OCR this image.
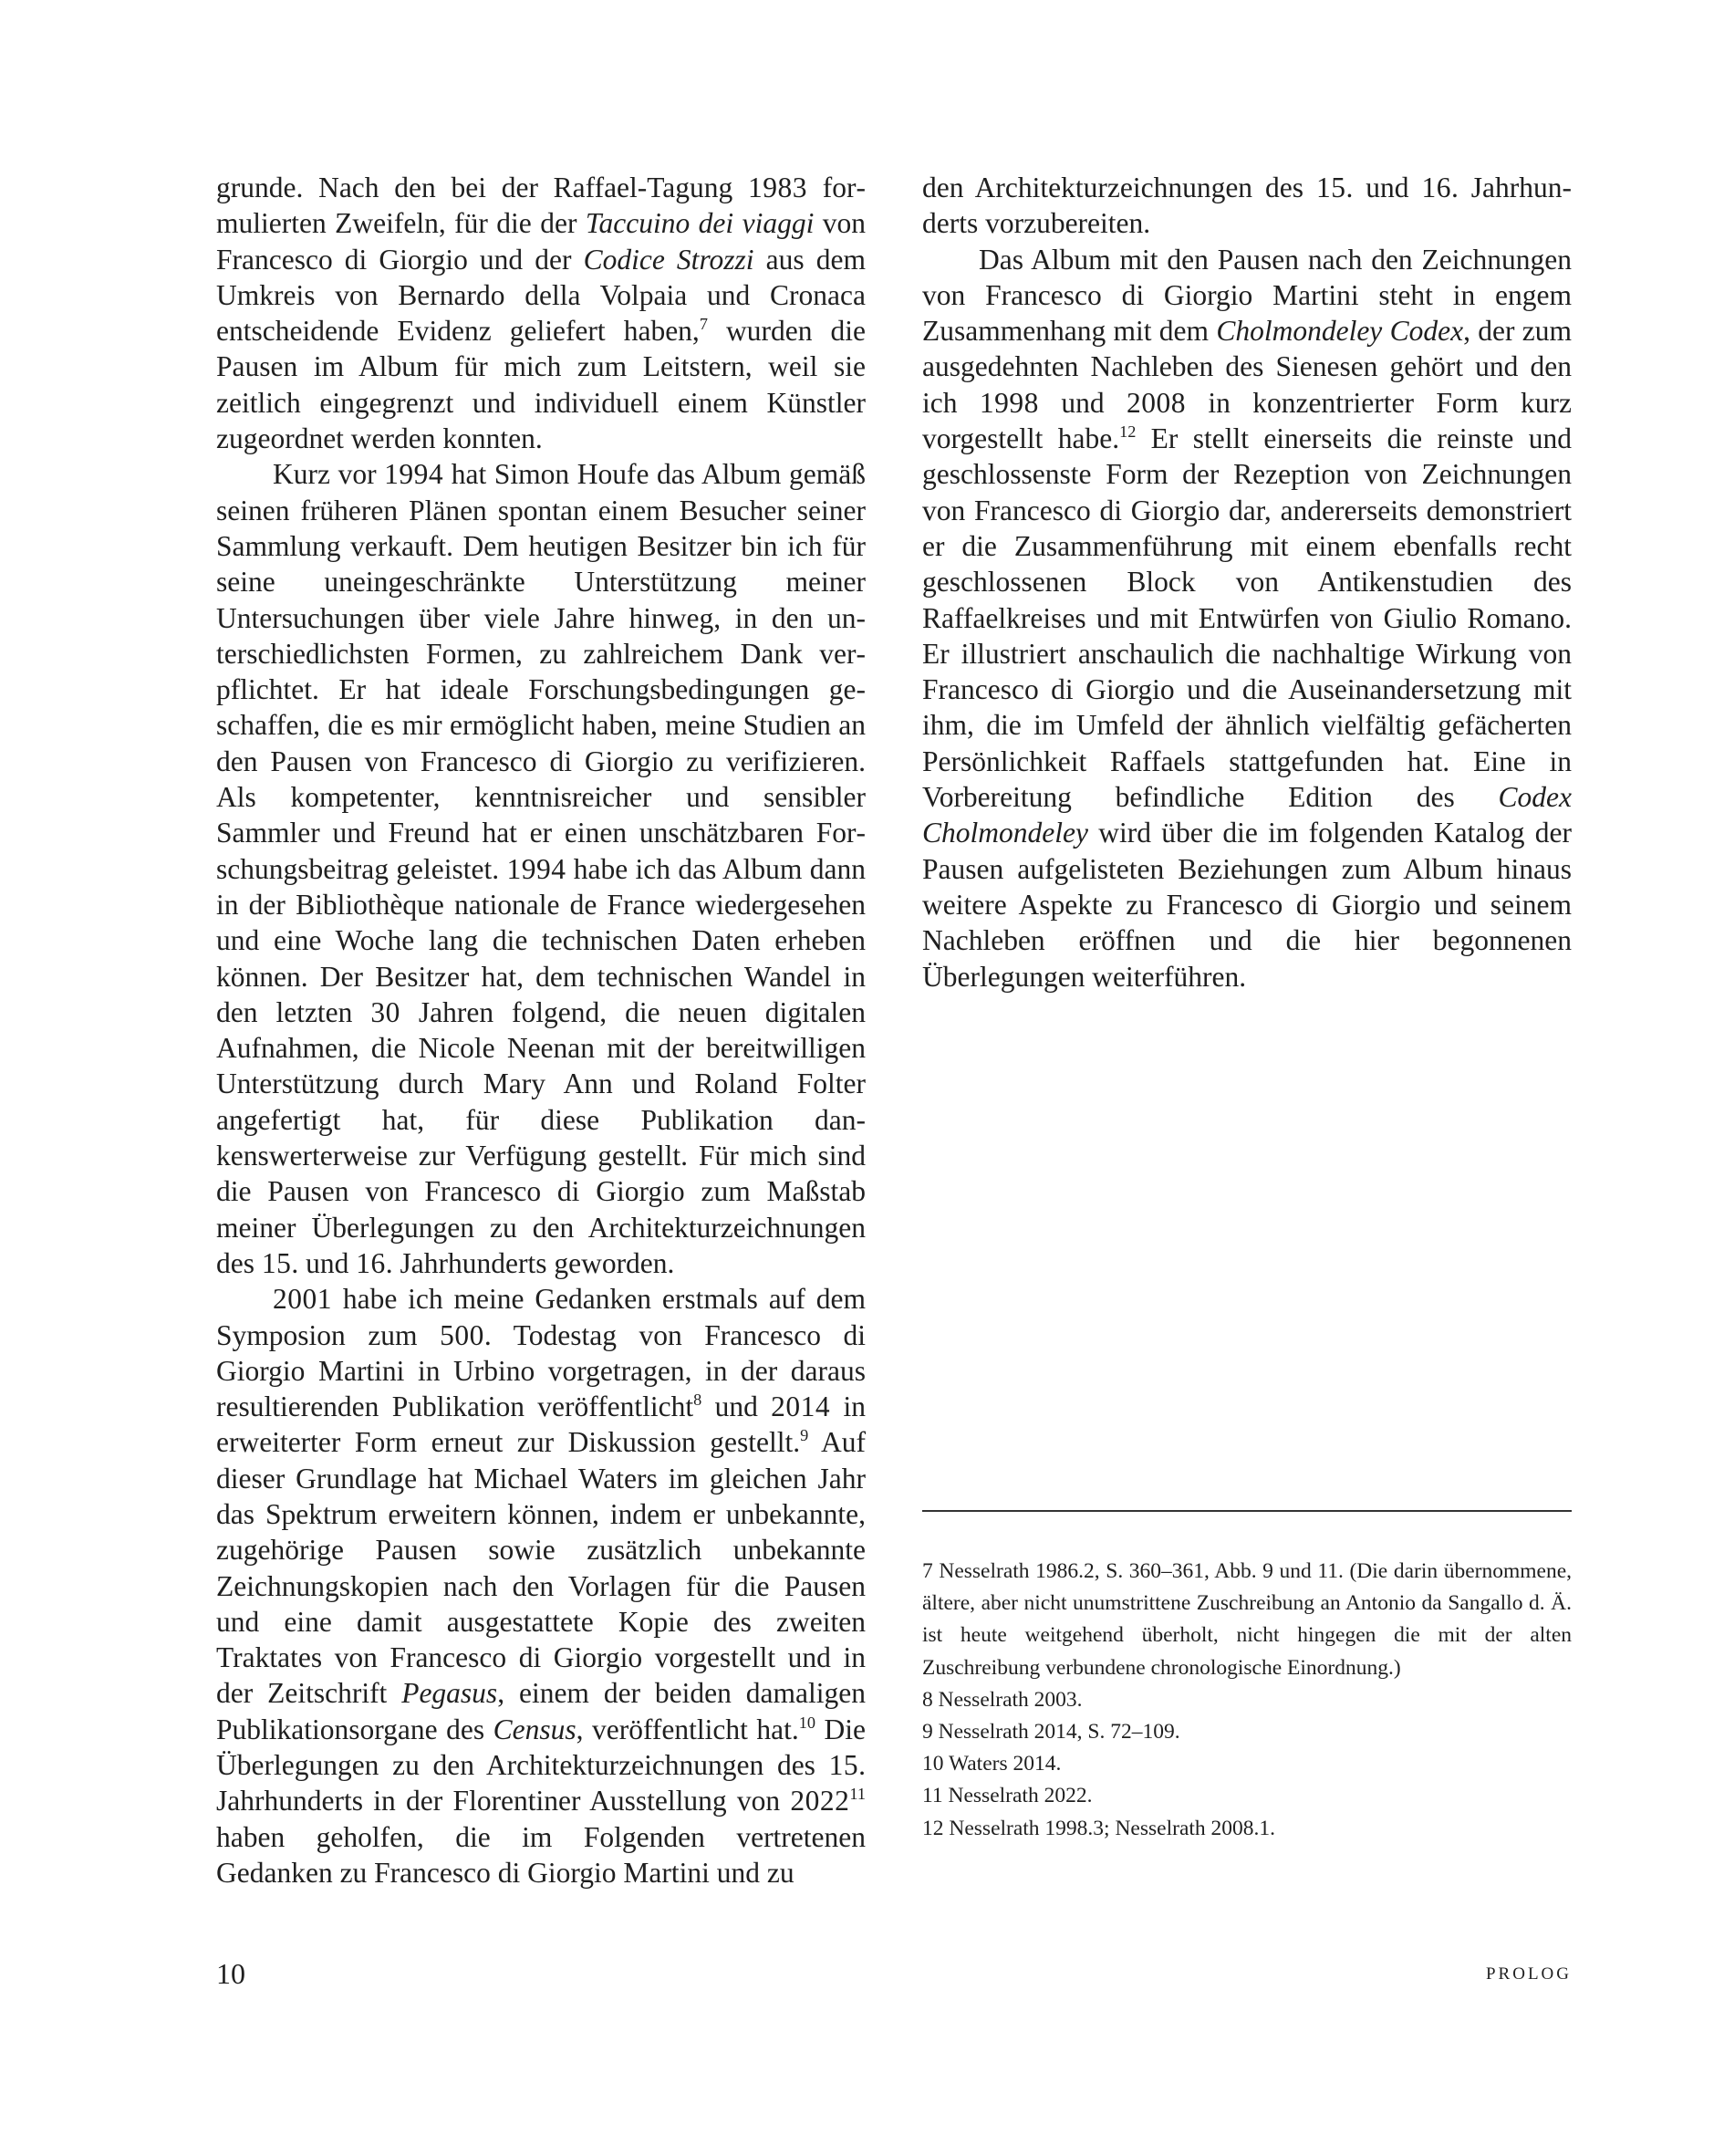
grunde. Nach den bei der Raffael-Tagung 1983 formulierten Zweifeln, für die der Taccuino dei viaggi von Francesco di Giorgio und der Codice Strozzi aus dem Umkreis von Bernardo della Volpaia und Cronaca entscheidende Evidenz geliefert haben,$^7$ wurden die Pausen im Album für mich zum Leitstern, weil sie zeitlich eingegrenzt und individuell einem Künstler zugeordnet werden konnten.

Kurz vor 1994 hat Simon Houfe das Album gemäß seinen früheren Plänen spontan einem Besucher seiner Sammlung verkauft. Dem heutigen Besitzer bin ich für seine uneingeschränkte Unterstützung meiner Untersuchungen über viele Jahre hinweg, in den unterschiedlichsten Formen, zu zahlreichem Dank verpflichtet. Er hat ideale Forschungsbedingungen geschaffen, die es mir ermöglicht haben, meine Studien an den Pausen von Francesco di Giorgio zu verifizieren. Als kompetenter, kenntnisreicher und sensibler Sammler und Freund hat er einen unschätzbaren Forschungsbeitrag geleistet. 1994 habe ich das Album dann in der Bibliothèque nationale de France wiedergesehen und eine Woche lang die technischen Daten erheben können. Der Besitzer hat, dem technischen Wandel in den letzten 30 Jahren folgend, die neuen digitalen Aufnahmen, die Nicole Neenan mit der bereitwilligen Unterstützung durch Mary Ann und Roland Folter angefertigt hat, für diese Publikation dankenswerterweise zur Verfügung gestellt. Für mich sind die Pausen von Francesco di Giorgio zum Maßstab meiner Überlegungen zu den Architekturzeichnungen des 15. und 16. Jahrhunderts geworden.

2001 habe ich meine Gedanken erstmals auf dem Symposion zum 500. Todestag von Francesco di Giorgio Martini in Urbino vorgetragen, in der daraus resultierenden Publikation veröffentlicht$^8$ und 2014 in erweiterter Form erneut zur Diskussion gestellt.$^9$ Auf dieser Grundlage hat Michael Waters im gleichen Jahr das Spektrum erweitern können, indem er unbekannte, zugehörige Pausen sowie zusätzlich unbekannte Zeichnungskopien nach den Vorlagen für die Pausen und eine damit ausgestattete Kopie des zweiten Traktates von Francesco di Giorgio vorgestellt und in der Zeitschrift Pegasus, einem der beiden damaligen Publikationsorgane des Census, veröffentlicht hat.$^{10}$ Die Überlegungen zu den Architekturzeichnungen des 15. Jahrhunderts in der Florentiner Ausstellung von 2022$^{11}$ haben geholfen, die im Folgenden vertretenen Gedanken zu Francesco di Giorgio Martini und zu

den Architekturzeichnungen des 15. und 16. Jahrhunderts vorzubereiten.

Das Album mit den Pausen nach den Zeichnungen von Francesco di Giorgio Martini steht in engem Zusammenhang mit dem Cholmondeley Codex, der zum ausgedehnten Nachleben des Sienesen gehört und den ich 1998 und 2008 in konzentrierter Form kurz vorgestellt habe.$^{12}$ Er stellt einerseits die reinste und geschlossenste Form der Rezeption von Zeichnungen von Francesco di Giorgio dar, andererseits demonstriert er die Zusammenführung mit einem ebenfalls recht geschlossenen Block von Antikenstudien des Raffaelkreises und mit Entwürfen von Giulio Romano. Er illustriert anschaulich die nachhaltige Wirkung von Francesco di Giorgio und die Auseinandersetzung mit ihm, die im Umfeld der ähnlich vielfältig gefächerten Persönlichkeit Raffaels stattgefunden hat. Eine in Vorbereitung befindliche Edition des Codex Cholmondeley wird über die im folgenden Katalog der Pausen aufgelisteten Beziehungen zum Album hinaus weitere Aspekte zu Francesco di Giorgio und seinem Nachleben eröffnen und die hier begonnenen Überlegungen weiterführen.

7 Nesselrath 1986.2, S. 360–361, Abb. 9 und 11. (Die darin übernommene, ältere, aber nicht unumstrittene Zuschreibung an Antonio da Sangallo d. Ä. ist heute weitgehend überholt, nicht hingegen die mit der alten Zuschreibung verbundene chronologische Einordnung.)

8 Nesselrath 2003.

9 Nesselrath 2014, S. 72–109.

10 Waters 2014.

11 Nesselrath 2022.

12 Nesselrath 1998.3; Nesselrath 2008.1.

10	PROLOG
